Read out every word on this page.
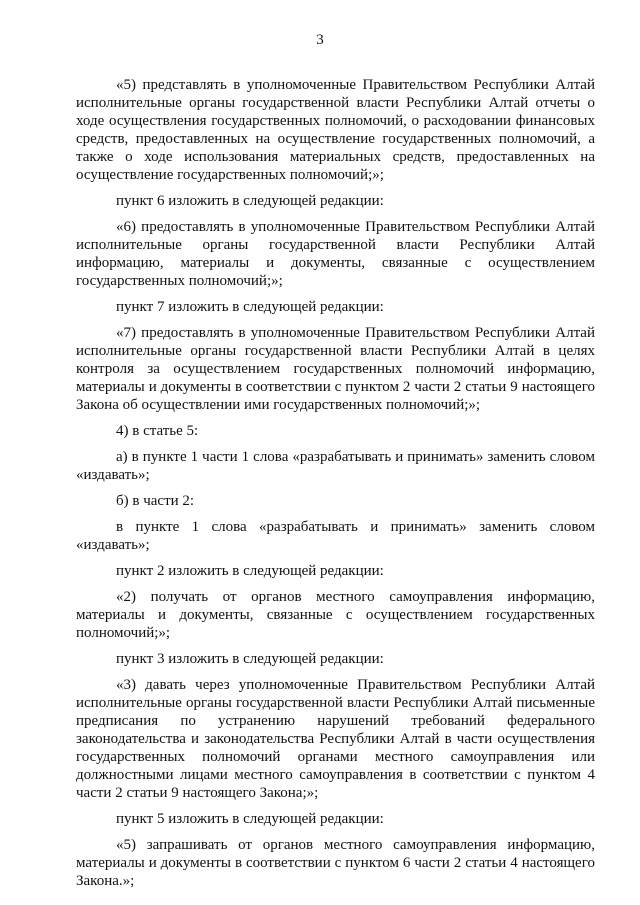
3

«5) представлять в уполномоченные Правительством Республики Алтай исполнительные органы государственной власти Республики Алтай отчеты о ходе осуществления государственных полномочий, о расходовании финансовых средств, предоставленных на осуществление государственных полномочий, а также о ходе использования материальных средств, предоставленных на осуществление государственных полномочий;»;

пункт 6 изложить в следующей редакции:

«6) предоставлять в уполномоченные Правительством Республики Алтай исполнительные органы государственной власти Республики Алтай информацию, материалы и документы, связанные с осуществлением государственных полномочий;»;

пункт 7 изложить в следующей редакции:

«7) предоставлять в уполномоченные Правительством Республики Алтай исполнительные органы государственной власти Республики Алтай в целях контроля за осуществлением государственных полномочий информацию, материалы и документы в соответствии с пунктом 2 части 2 статьи 9 настоящего Закона об осуществлении ими государственных полномочий;»;

4) в статье 5:

а) в пункте 1 части 1 слова «разрабатывать и принимать» заменить словом «издавать»;

б) в части 2:

в пункте 1 слова «разрабатывать и принимать» заменить словом «издавать»;

пункт 2 изложить в следующей редакции:

«2) получать от органов местного самоуправления информацию, материалы и документы, связанные с осуществлением государственных полномочий;»;

пункт 3 изложить в следующей редакции:

«3) давать через уполномоченные Правительством Республики Алтай исполнительные органы государственной власти Республики Алтай письменные предписания по устранению нарушений требований федерального законодательства и законодательства Республики Алтай в части осуществления государственных полномочий органами местного самоуправления или должностными лицами местного самоуправления в соответствии с пунктом 4 части 2 статьи 9 настоящего Закона;»;

пункт 5 изложить в следующей редакции:

«5) запрашивать от органов местного самоуправления информацию, материалы и документы в соответствии с пунктом 6 части 2 статьи 4 настоящего Закона.»;
